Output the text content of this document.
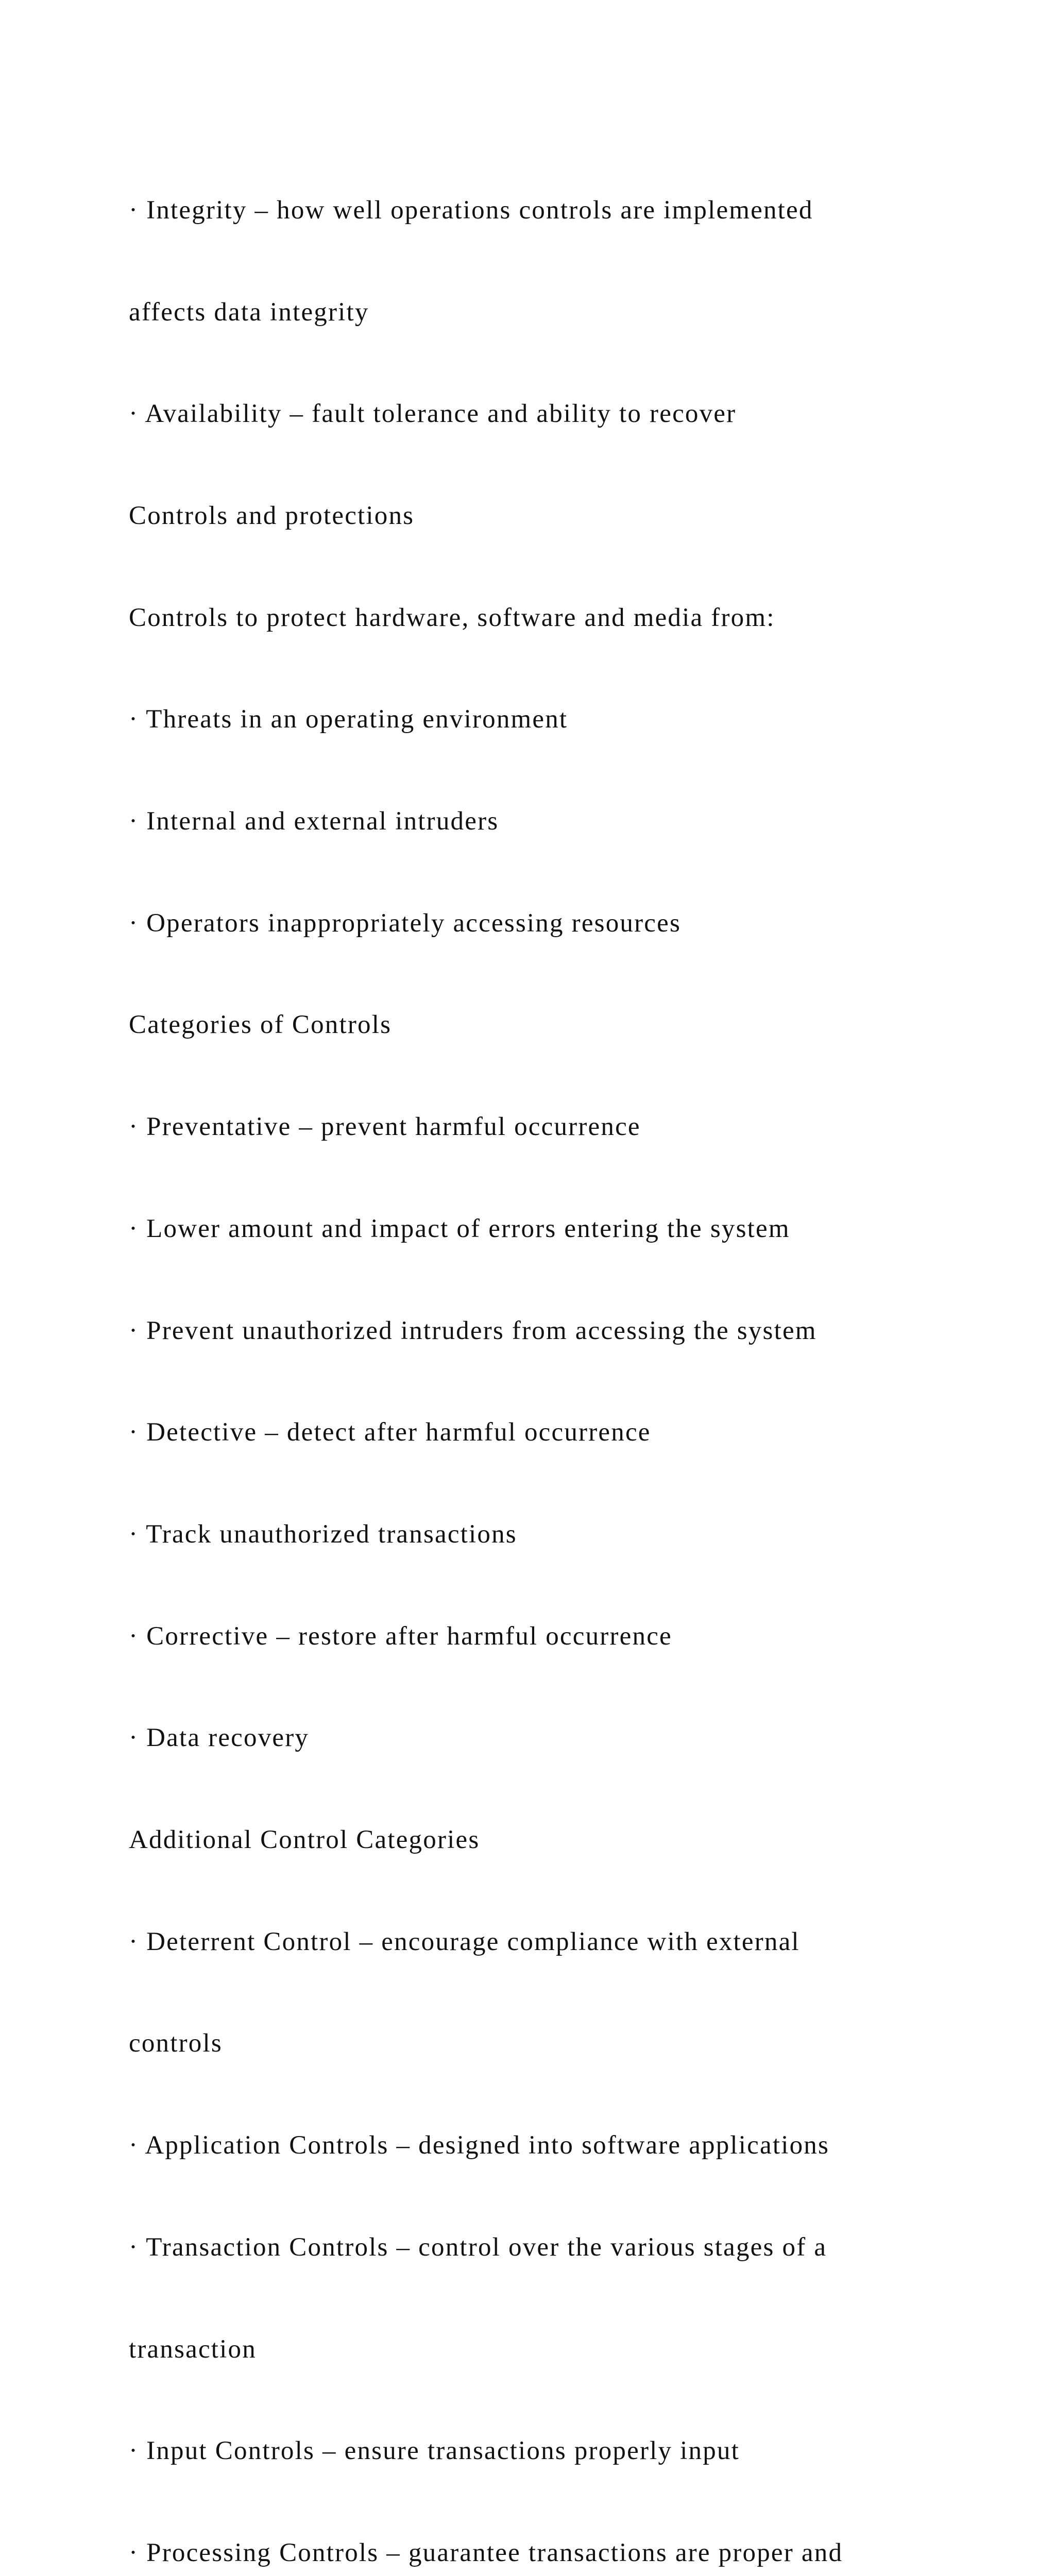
· Integrity – how well operations controls are implemented

affects data integrity

· Availability – fault tolerance and ability to recover

Controls and protections

Controls to protect hardware, software and media from:

· Threats in an operating environment

· Internal and external intruders

· Operators inappropriately accessing resources

Categories of Controls

· Preventative – prevent harmful occurrence

· Lower amount and impact of errors entering the system

· Prevent unauthorized intruders from accessing the system

· Detective – detect after harmful occurrence

· Track unauthorized transactions

· Corrective – restore after harmful occurrence

· Data recovery

Additional Control Categories

· Deterrent Control – encourage compliance with external

controls

· Application Controls – designed into software applications

· Transaction Controls – control over the various stages of a

transaction

· Input Controls – ensure transactions properly input

· Processing Controls – guarantee transactions are proper and
